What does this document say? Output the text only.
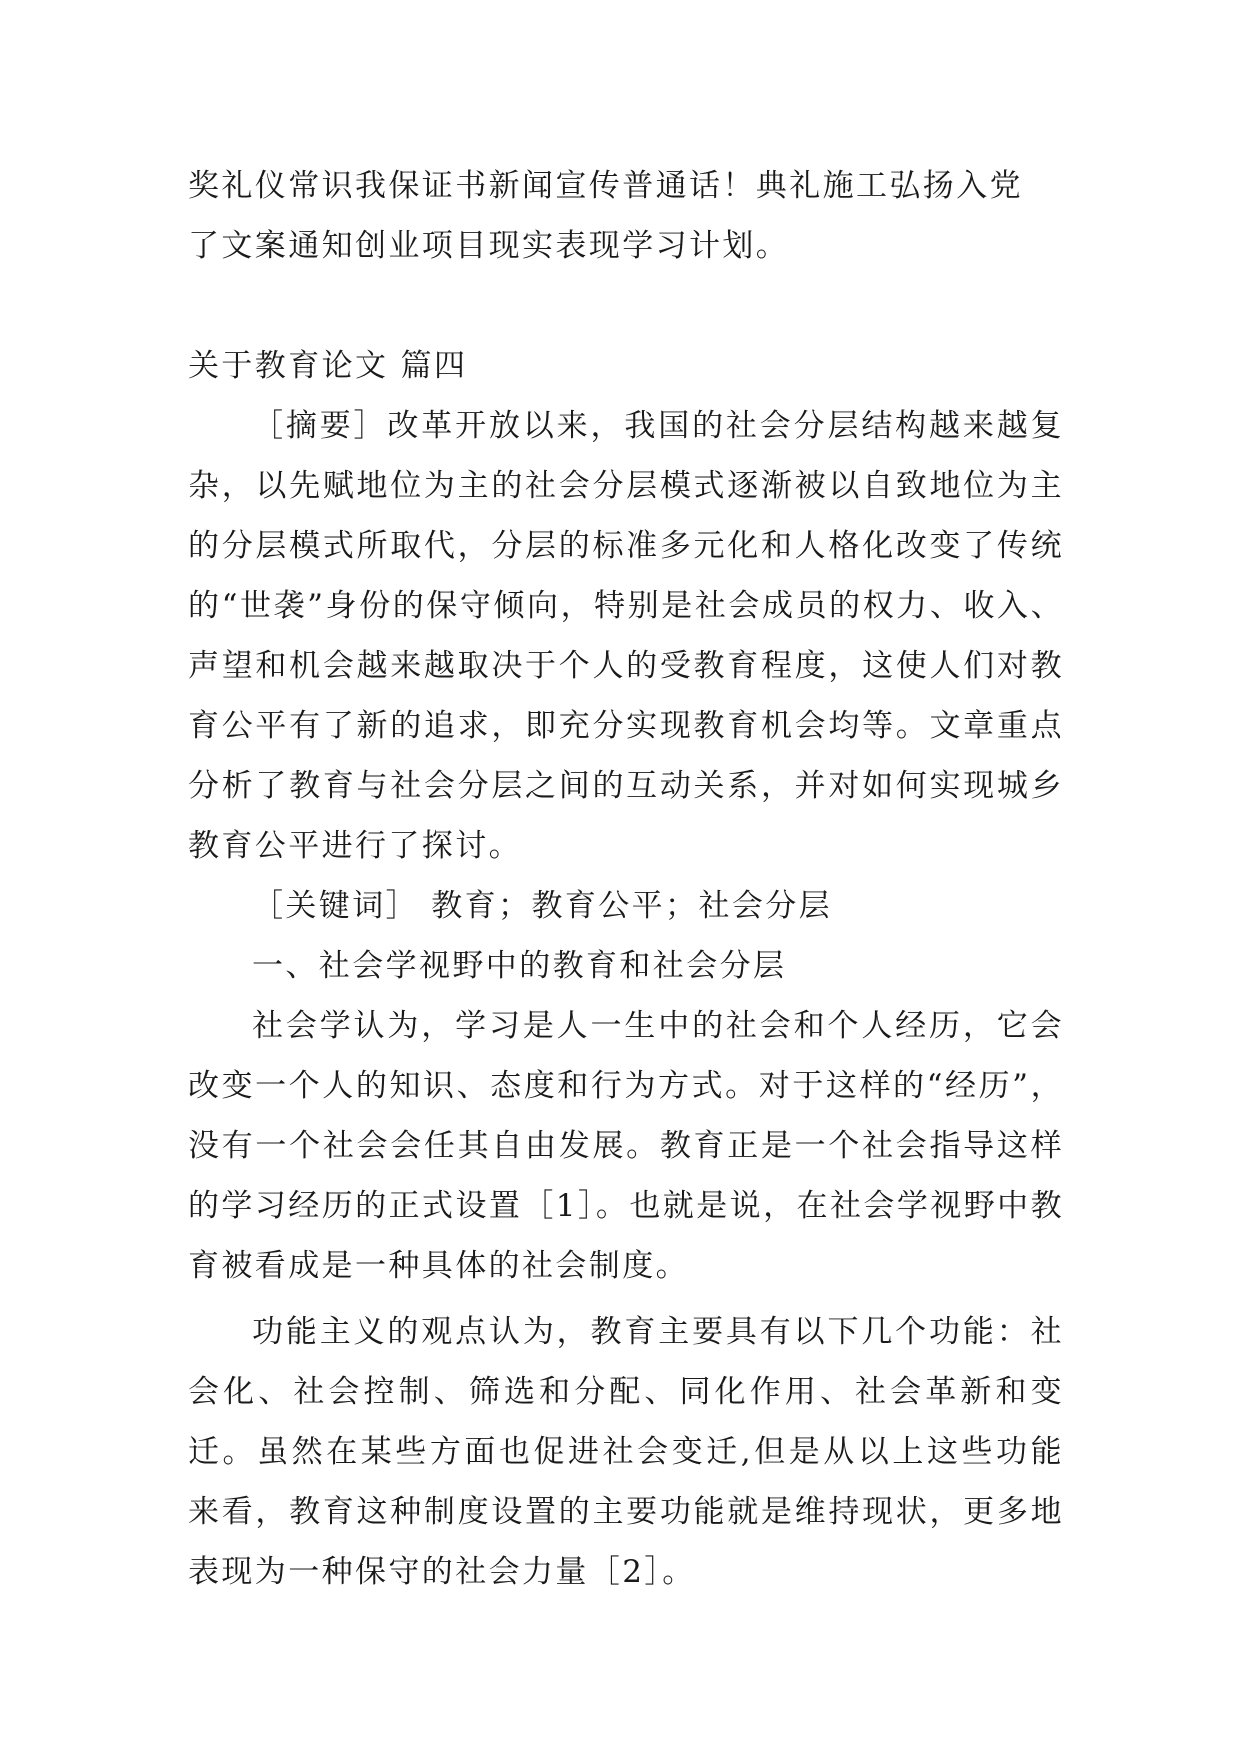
奖礼仪常识我保证书新闻宣传普通话！典礼施工弘扬入党

了文案通知创业项目现实表现学习计划。

关于教育论文 篇四

［摘要］改革开放以来，我国的社会分层结构越来越复杂，以先赋地位为主的社会分层模式逐渐被以自致地位为主的分层模式所取代，分层的标准多元化和人格化改变了传统的“世袭”身份的保守倾向，特别是社会成员的权力、收入、声望和机会越来越取决于个人的受教育程度，这使人们对教育公平有了新的追求，即充分实现教育机会均等。文章重点分析了教育与社会分层之间的互动关系，并对如何实现城乡教育公平进行了探讨。

［关键词］ 教育；教育公平；社会分层

一、社会学视野中的教育和社会分层

社会学认为，学习是人一生中的社会和个人经历，它会改变一个人的知识、态度和行为方式。对于这样的“经历”，没有一个社会会任其自由发展。教育正是一个社会指导这样的学习经历的正式设置［1］。也就是说，在社会学视野中教育被看成是一种具体的社会制度。

功能主义的观点认为，教育主要具有以下几个功能：社会化、社会控制、筛选和分配、同化作用、社会革新和变迁。虽然在某些方面也促进社会变迁,但是从以上这些功能来看，教育这种制度设置的主要功能就是维持现状，更多地表现为一种保守的社会力量［2］。
